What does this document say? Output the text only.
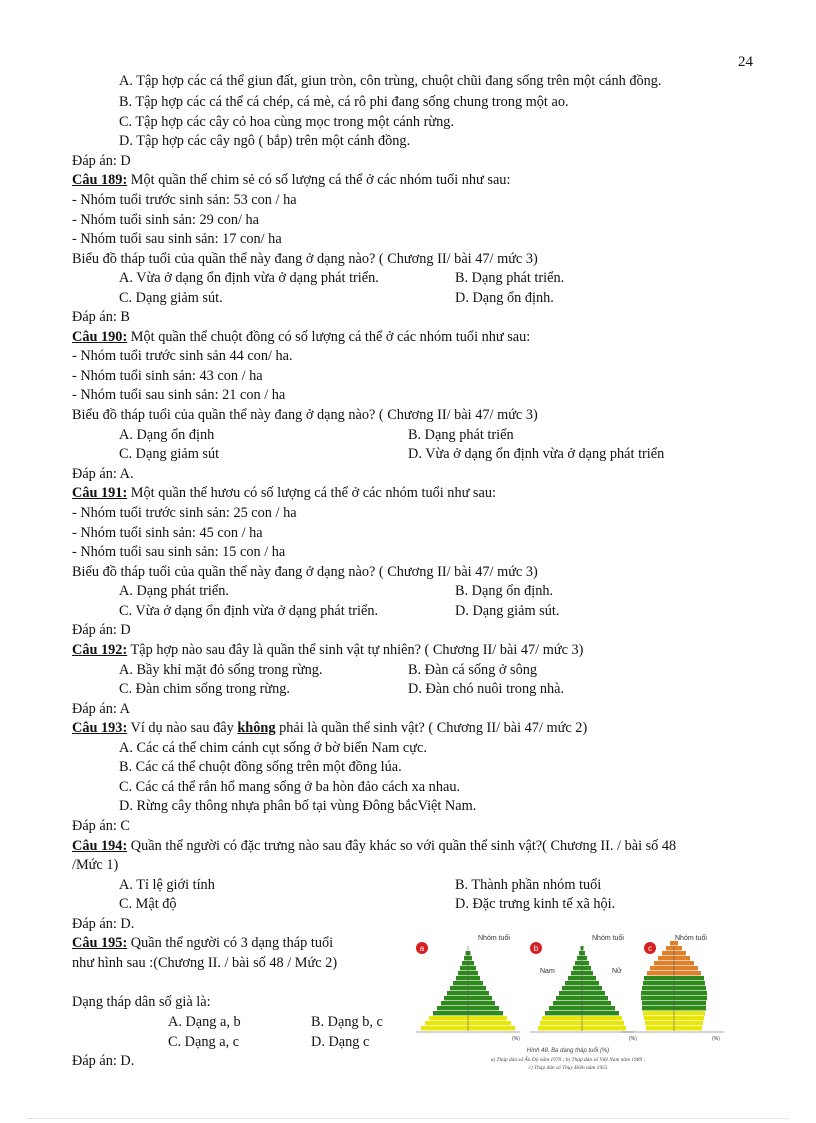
24
A. Tập hợp các cá thể giun đất, giun tròn, côn trùng, chuột chũi đang sống trên một cánh đồng.
B. Tập hợp các cá thể cá chép, cá mè, cá rô phi đang sống chung trong một ao.
C. Tập hợp các cây cỏ hoa cùng mọc trong một cánh rừng.
D. Tập hợp các cây ngô ( bắp) trên một cánh đồng.
Đáp án: D
Câu 189: Một quần thể chim sẻ có số lượng cá thể ở các nhóm tuổi như sau:
- Nhóm tuổi trước sinh sản: 53 con / ha
- Nhóm tuổi sinh sản: 29 con/ ha
- Nhóm tuổi sau sinh sản: 17 con/ ha
Biểu đồ tháp tuổi của quần thể này đang ở dạng nào? ( Chương II/ bài 47/ mức 3)
A. Vừa ở dạng ổn định vừa ở dạng phát triển.	B. Dạng phát triển.
C. Dạng giảm sút.	D. Dạng ổn định.
Đáp án: B
Câu 190: Một quần thể chuột đồng có số lượng cá thể ở các nhóm tuổi như sau:
- Nhóm tuổi trước sinh sản 44 con/ ha.
- Nhóm tuổi sinh sản: 43 con / ha
- Nhóm tuổi sau sinh sản: 21 con / ha
Biểu đồ tháp tuổi của quần thể này đang ở dạng nào? ( Chương II/ bài 47/ mức 3)
A. Dạng ổn định	B. Dạng phát triển
C. Dạng giảm sút	D. Vừa ở dạng ổn định vừa ở dạng phát triển
Đáp án: A.
Câu 191: Một quần thể hươu có số lượng cá thể ở các nhóm tuổi như sau:
- Nhóm tuổi trước sinh sản: 25 con / ha
- Nhóm tuổi sinh sản: 45 con / ha
- Nhóm tuổi sau sinh sản: 15 con / ha
Biểu đồ tháp tuổi của quần thể này đang ở dạng nào? ( Chương II/ bài 47/ mức 3)
A. Dạng phát triển.	B. Dạng ổn định.
C. Vừa ở dạng ổn định vừa ở dạng phát triển.	D. Dạng giảm sút.
Đáp án: D
Câu 192: Tập hợp nào sau đây là quần thể sinh vật tự nhiên? ( Chương II/ bài 47/ mức 3)
A. Bầy khỉ mặt đỏ sống trong rừng.	B. Đàn cá sống ở sông
C. Đàn chim sống trong rừng.	D. Đàn chó nuôi trong nhà.
Đáp án: A
Câu 193: Ví dụ nào sau đây không phải là quần thể sinh vật? ( Chương II/ bài 47/ mức 2)
A. Các cá thể chim cánh cụt sống ở bờ biển Nam cực.
B. Các cá thể chuột đồng sống trên một đồng lúa.
C. Các cá thể rắn hổ mang sống ở ba hòn đảo cách xa nhau.
D. Rừng cây thông nhựa phân bố tại vùng Đông bắcViệt Nam.
Đáp án: C
Câu 194: Quần thể người có đặc trưng nào sau đây khác so với quần thể sinh vật?( Chương II. / bài số 48
/Mức 1)
A. Tỉ lệ giới tính	B. Thành phần nhóm tuổi
C. Mật độ	D. Đặc trưng kinh tế xã hội.
Đáp án: D.
Câu 195: Quần thể người có 3 dạng tháp tuổi
như hình sau :(Chương II. / bài số 48 / Mức 2)
Dạng tháp dân số già là:
A. Dạng a, b	B. Dạng b, c
C. Dạng a, c	D. Dạng c
Đáp án: D.
a	b	c
Nhóm tuổi	Nhóm tuổi	Nhóm tuổi
Nam	Nữ
(%)	(%)	(%)
Hình 48. Ba dạng tháp tuổi (%)
a) Tháp dân số Ấn Độ năm 1970 ; b) Tháp dân số Việt Nam năm 1989 ;
c) Tháp dân số Thụy Điển năm 1955
